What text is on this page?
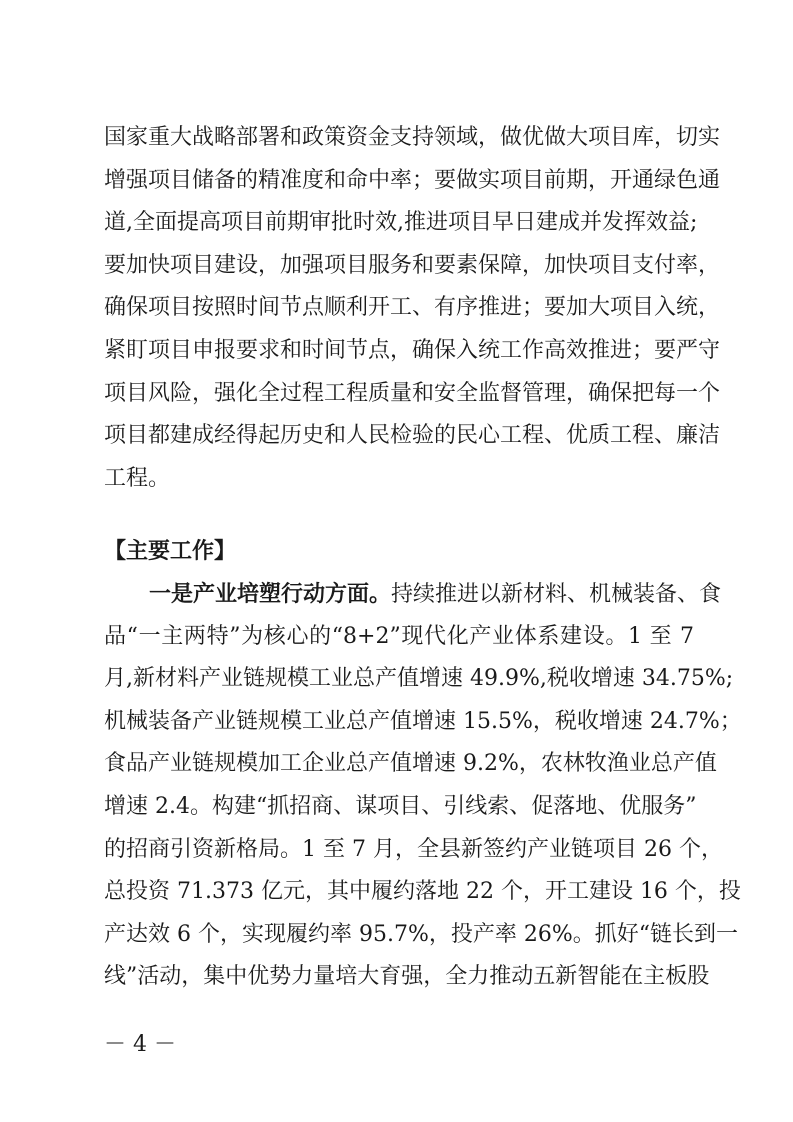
国家重大战略部署和政策资金支持领域，做优做大项目库，切实
增强项目储备的精准度和命中率；要做实项目前期，开通绿色通
道,全面提高项目前期审批时效,推进项目早日建成并发挥效益;
要加快项目建设，加强项目服务和要素保障，加快项目支付率，
确保项目按照时间节点顺利开工、有序推进；要加大项目入统，
紧盯项目申报要求和时间节点，确保入统工作高效推进；要严守
项目风险，强化全过程工程质量和安全监督管理，确保把每一个
项目都建成经得起历史和人民检验的民心工程、优质工程、廉洁
工程。
【主要工作】
一是产业培塑行动方面。持续推进以新材料、机械装备、食
品“一主两特”为核心的“8+2”现代化产业体系建设。1 至 7
月,新材料产业链规模工业总产值增速 49.9%,税收增速 34.75%;
机械装备产业链规模工业总产值增速 15.5%，税收增速 24.7%；
食品产业链规模加工企业总产值增速 9.2%，农林牧渔业总产值
增速 2.4。构建“抓招商、谋项目、引线索、促落地、优服务”
的招商引资新格局。1 至 7 月，全县新签约产业链项目 26 个，
总投资 71.373 亿元，其中履约落地 22 个，开工建设 16 个，投
产达效 6 个，实现履约率 95.7%，投产率 26%。抓好“链长到一
线”活动，集中优势力量培大育强，全力推动五新智能在主板股
－ 4 －
